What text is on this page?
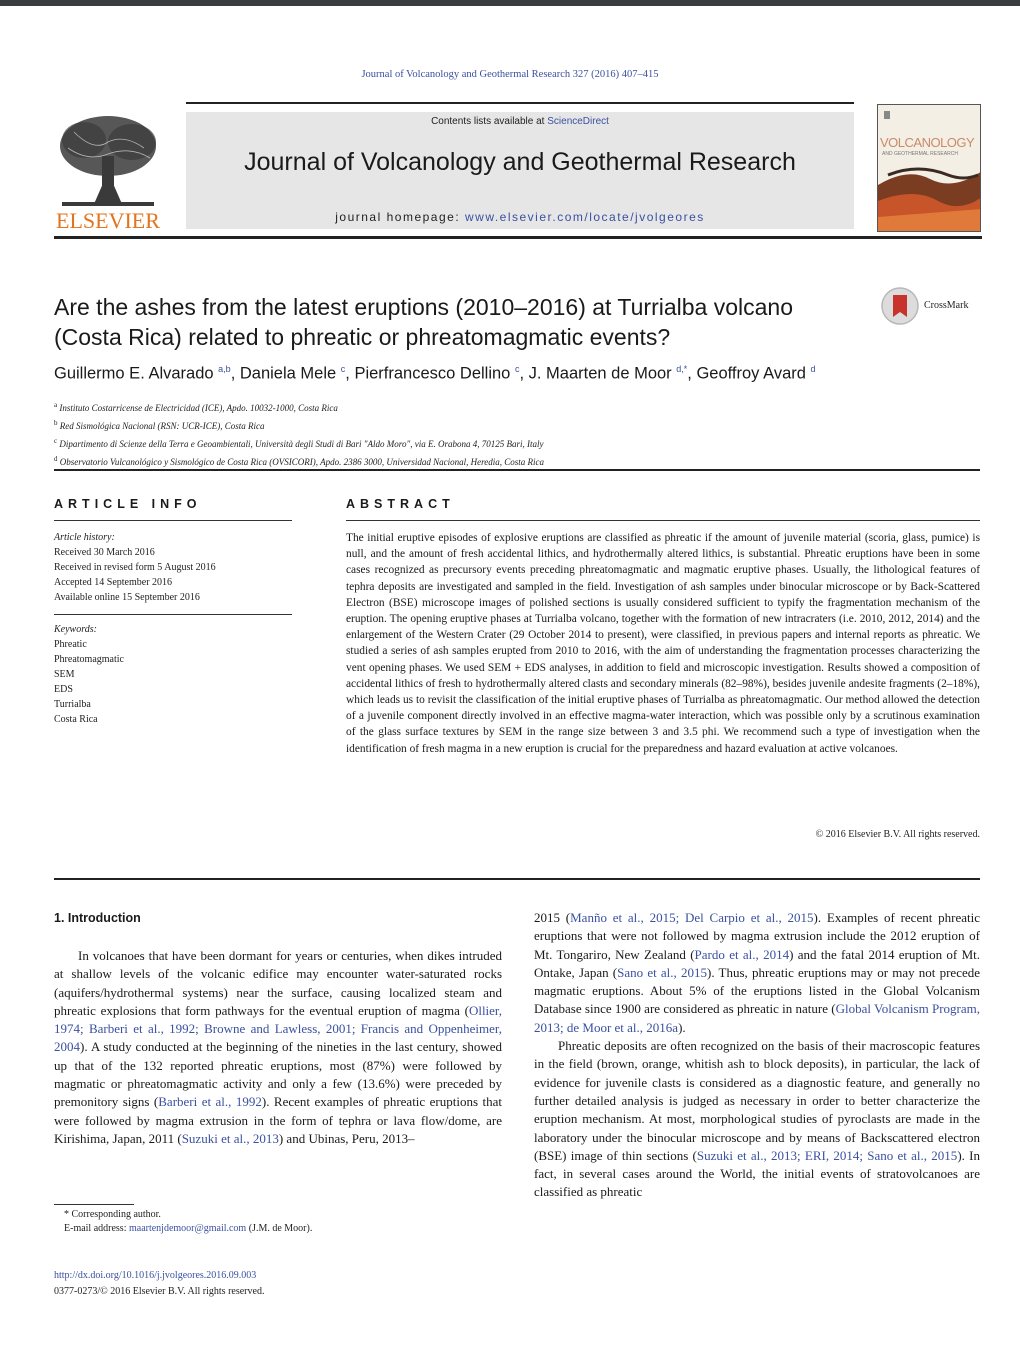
Journal of Volcanology and Geothermal Research 327 (2016) 407–415
ELSEVIER
Contents lists available at ScienceDirect
Journal of Volcanology and Geothermal Research
journal homepage: www.elsevier.com/locate/jvolgeores
VOLCANOLOGY
AND GEOTHERMAL RESEARCH
Are the ashes from the latest eruptions (2010–2016) at Turrialba volcano (Costa Rica) related to phreatic or phreatomagmatic events?
CrossMark
Guillermo E. Alvarado $^{a,b}$, Daniela Mele $^c$, Pierfrancesco Dellino $^c$, J. Maarten de Moor $^{d,*}$, Geoffroy Avard $^d$
$^a$ Instituto Costarricense de Electricidad (ICE), Apdo. 10032-1000, Costa Rica
$^b$ Red Sismológica Nacional (RSN: UCR-ICE), Costa Rica
$^c$ Dipartimento di Scienze della Terra e Geoambientali, Università degli Studi di Bari "Aldo Moro", via E. Orabona 4, 70125 Bari, Italy
$^d$ Observatorio Vulcanológico y Sismológico de Costa Rica (OVSICORI), Apdo. 2386 3000, Universidad Nacional, Heredia, Costa Rica
ARTICLE INFO
Article history:
Received 30 March 2016
Received in revised form 5 August 2016
Accepted 14 September 2016
Available online 15 September 2016
Keywords:
Phreatic
Phreatomagmatic
SEM
EDS
Turrialba
Costa Rica
ABSTRACT
The initial eruptive episodes of explosive eruptions are classified as phreatic if the amount of juvenile material (scoria, glass, pumice) is null, and the amount of fresh accidental lithics, and hydrothermally altered lithics, is substantial. Phreatic eruptions have been in some cases recognized as precursory events preceding phreatomagmatic and magmatic eruptive phases. Usually, the lithological features of tephra deposits are investigated and sampled in the field. Investigation of ash samples under binocular microscope or by Back-Scattered Electron (BSE) microscope images of polished sections is usually considered sufficient to typify the fragmentation mechanism of the eruption. The opening eruptive phases at Turrialba volcano, together with the formation of new intracraters (i.e. 2010, 2012, 2014) and the enlargement of the Western Crater (29 October 2014 to present), were classified, in previous papers and internal reports as phreatic. We studied a series of ash samples erupted from 2010 to 2016, with the aim of understanding the fragmentation processes characterizing the vent opening phases. We used SEM + EDS analyses, in addition to field and microscopic investigation. Results showed a composition of accidental lithics of fresh to hydrothermally altered clasts and secondary minerals (82–98%), besides juvenile andesite fragments (2–18%), which leads us to revisit the classification of the initial eruptive phases of Turrialba as phreatomagmatic. Our method allowed the detection of a juvenile component directly involved in an effective magma-water interaction, which was possible only by a scrutinous examination of the glass surface textures by SEM in the range size between 3 and 3.5 phi. We recommend such a type of investigation when the identification of fresh magma in a new eruption is crucial for the preparedness and hazard evaluation at active volcanoes.
© 2016 Elsevier B.V. All rights reserved.
1. Introduction
In volcanoes that have been dormant for years or centuries, when dikes intruded at shallow levels of the volcanic edifice may encounter water-saturated rocks (aquifers/hydrothermal systems) near the surface, causing localized steam and phreatic explosions that form pathways for the eventual eruption of magma (Ollier, 1974; Barberi et al., 1992; Browne and Lawless, 2001; Francis and Oppenheimer, 2004). A study conducted at the beginning of the nineties in the last century, showed up that of the 132 reported phreatic eruptions, most (87%) were followed by magmatic or phreatomagmatic activity and only a few (13.6%) were preceded by premonitory signs (Barberi et al., 1992). Recent examples of phreatic eruptions that were followed by magma extrusion in the form of tephra or lava flow/dome, are Kirishima, Japan, 2011 (Suzuki et al., 2013) and Ubinas, Peru, 2013–

2015 (Manño et al., 2015; Del Carpio et al., 2015). Examples of recent phreatic eruptions that were not followed by magma extrusion include the 2012 eruption of Mt. Tongariro, New Zealand (Pardo et al., 2014) and the fatal 2014 eruption of Mt. Ontake, Japan (Sano et al., 2015). Thus, phreatic eruptions may or may not precede magmatic eruptions. About 5% of the eruptions listed in the Global Volcanism Database since 1900 are considered as phreatic in nature (Global Volcanism Program, 2013; de Moor et al., 2016a).

Phreatic deposits are often recognized on the basis of their macroscopic features in the field (brown, orange, whitish ash to block deposits), in particular, the lack of evidence for juvenile clasts is considered as a diagnostic feature, and generally no further detailed analysis is judged as necessary in order to better characterize the eruption mechanism. At most, morphological studies of pyroclasts are made in the laboratory under the binocular microscope and by means of Backscattered electron (BSE) image of thin sections (Suzuki et al., 2013; ERI, 2014; Sano et al., 2015). In fact, in several cases around the World, the initial events of stratovolcanoes are classified as phreatic

* Corresponding author.
E-mail address: maartenjdemoor@gmail.com (J.M. de Moor).
http://dx.doi.org/10.1016/j.jvolgeores.2016.09.003
0377-0273/© 2016 Elsevier B.V. All rights reserved.
